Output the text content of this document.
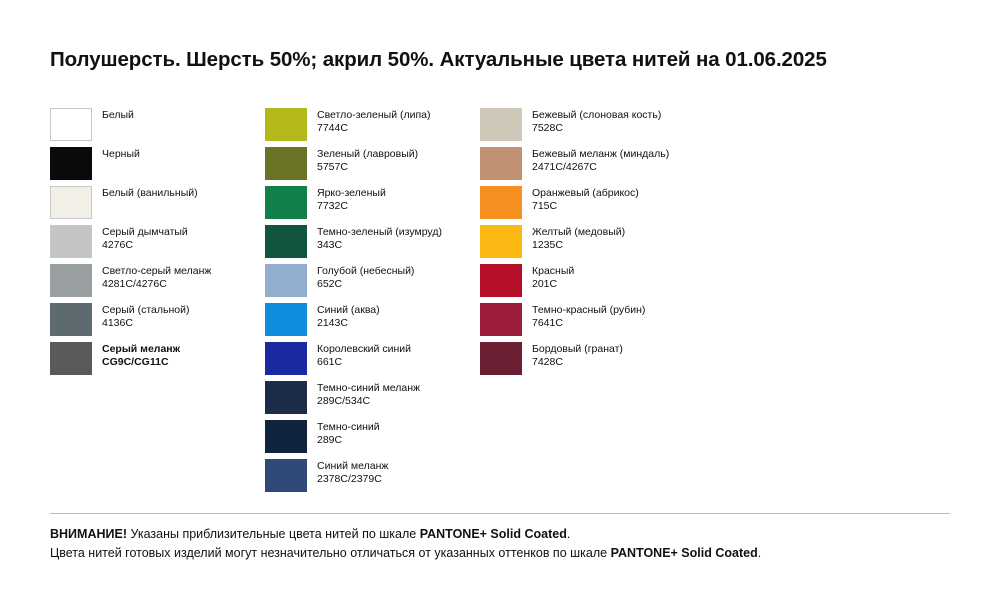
Полушерсть. Шерсть 50%; акрил 50%. Актуальные цвета нитей на 01.06.2025
Белый
Черный
Белый (ванильный)
Серый дымчатый
4276C
Светло-серый меланж
4281C/4276C
Серый (стальной)
4136C
Серый меланж
CG9C/CG11C
Светло-зеленый (липа)
7744C
Зеленый (лавровый)
5757C
Ярко-зеленый
7732C
Темно-зеленый (изумруд)
343C
Голубой (небесный)
652C
Синий (аква)
2143C
Королевский синий
661C
Темно-синий меланж
289C/534C
Темно-синий
289C
Синий меланж
2378C/2379C
Бежевый (слоновая кость)
7528C
Бежевый меланж (миндаль)
2471C/4267C
Оранжевый (абрикос)
715C
Желтый (медовый)
1235C
Красный
201C
Темно-красный (рубин)
7641C
Бордовый (гранат)
7428C
ВНИМАНИЕ! Указаны приблизительные цвета нитей по шкале PANTONE+ Solid Coated.
Цвета нитей готовых изделий могут незначительно отличаться от указанных оттенков по шкале PANTONE+ Solid Coated.
